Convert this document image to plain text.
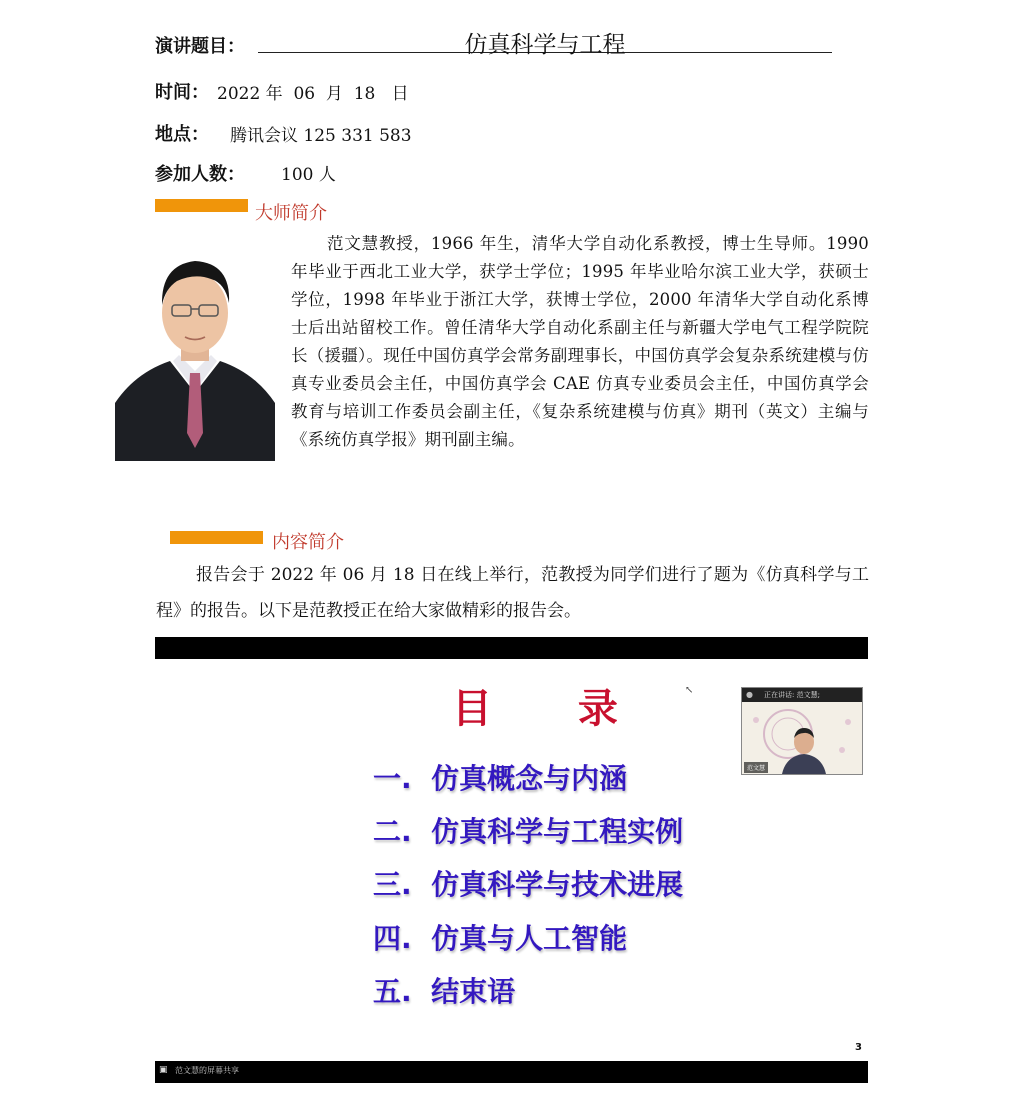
演讲题目：	仿真科学与工程
时间： 2022 年  06  月  18   日
地点： 腾讯会议 125 331 583
参加人数： 100 人
大师简介
范文慧教授，1966 年生，清华大学自动化系教授，博士生导师。1990 年毕业于西北工业大学，获学士学位；1995 年毕业哈尔滨工业大学，获硕士学位，1998 年毕业于浙江大学，获博士学位，2000 年清华大学自动化系博士后出站留校工作。曾任清华大学自动化系副主任与新疆大学电气工程学院院长（援疆）。现任中国仿真学会常务副理事长，中国仿真学会复杂系统建模与仿真专业委员会主任，中国仿真学会 CAE 仿真专业委员会主任，中国仿真学会教育与培训工作委员会副主任，《复杂系统建模与仿真》期刊（英文）主编与《系统仿真学报》期刊副主编。
内容简介
报告会于 2022 年 06 月 18 日在线上举行，范教授为同学们进行了题为《仿真科学与工程》的报告。以下是范教授正在给大家做精彩的报告会。
目 录	↖
一.  仿真概念与内涵
二.  仿真科学与工程实例
三.  仿真科学与技术进展
四.  仿真与人工智能
五.  结束语
● 正在讲话: 范文慧;
范文慧
3
▣ 范文慧的屏幕共享
